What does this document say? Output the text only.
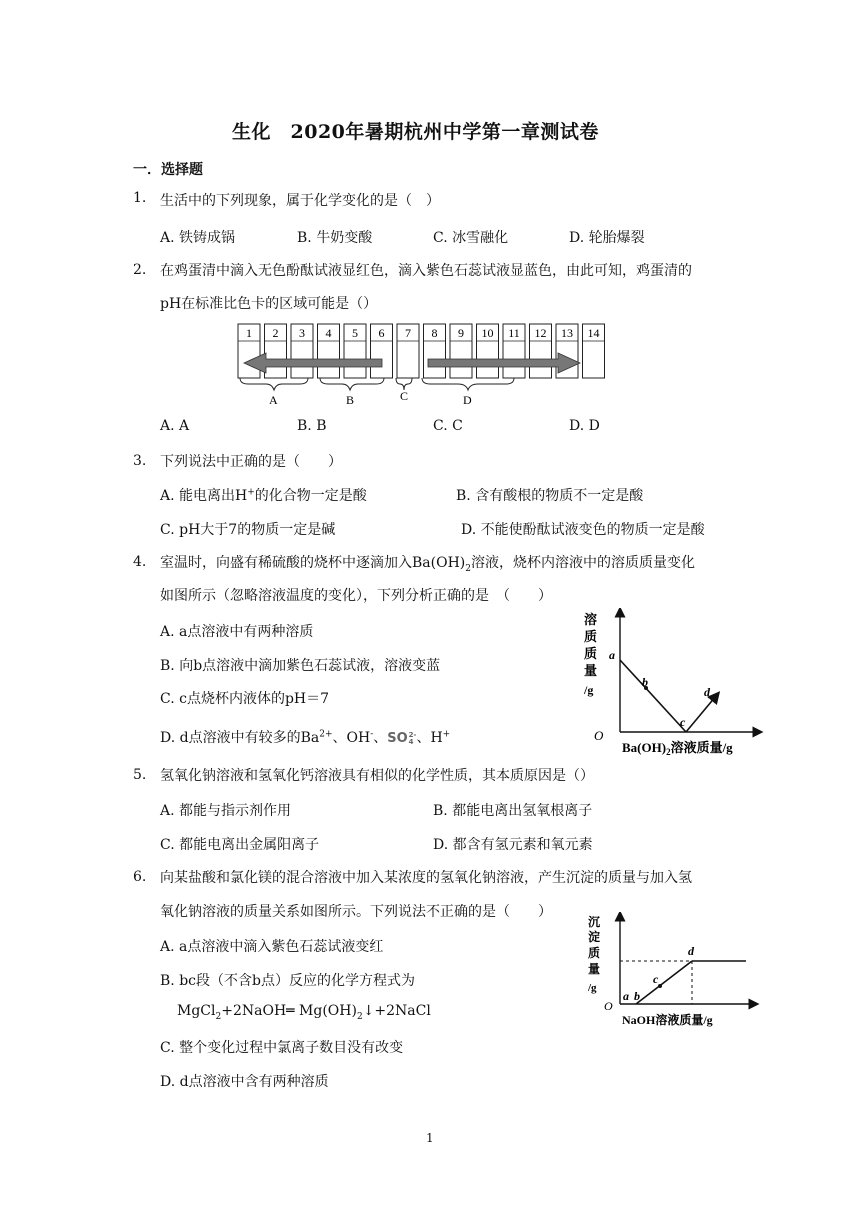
生化　2020年暑期杭州中学第一章测试卷
一．选择题
1. 生活中的下列现象，属于化学变化的是（　）
A. 铁铸成锅	B. 牛奶变酸	C. 冰雪融化	D. 轮胎爆裂
2. 在鸡蛋清中滴入无色酚酞试液显红色，滴入紫色石蕊试液显蓝色，由此可知，鸡蛋清的
pH在标准比色卡的区域可能是（）
1 2 3 4 5 6 7 8 9 10 11 12 13 14
A	B	C	D
A. A	B. B	C. C	D. D
3. 下列说法中正确的是（　　）
A. 能电离出H+的化合物一定是酸	B. 含有酸根的物质不一定是酸
C. pH大于7的物质一定是碱	D. 不能使酚酞试液变色的物质一定是酸
4. 室温时，向盛有稀硫酸的烧杯中逐滴加入$Ba(OH)_2$溶液，烧杯内溶液中的溶质质量变化
如图所示（忽略溶液温度的变化），下列分析正确的是　（　　）
A. a点溶液中有两种溶质
B. 向b点溶液中滴加紫色石蕊试液，溶液变蓝
C. c点烧杯内液体的pH＝7
D. d点溶液中有较多的$Ba^{2+}$、OH-、SO 2-
4 、H+
溶
质
质
量
/g
O
$Ba(OH)_2$溶液质量/g
a
b
c
d
5. 氢氧化钠溶液和氢氧化钙溶液具有相似的化学性质，其本质原因是（）
A. 都能与指示剂作用	B. 都能电离出氢氧根离子
C. 都能电离出金属阳离子	D. 都含有氢元素和氧元素
6. 向某盐酸和氯化镁的混合溶液中加入某浓度的氢氧化钠溶液，产生沉淀的质量与加入氢
氧化钠溶液的质量关系如图所示。下列说法不正确的是（　　）
A. a点溶液中滴入紫色石蕊试液变红
B. bc段（不含b点）反应的化学方程式为
MgCl$_2$+2NaOH═ $Mg(OH)_2↓+2NaCl$
C. 整个变化过程中氯离子数目没有改变
D. d点溶液中含有两种溶质
沉
淀
质
量
/g
O
NaOH溶液质量/g
a b
c
d
1
